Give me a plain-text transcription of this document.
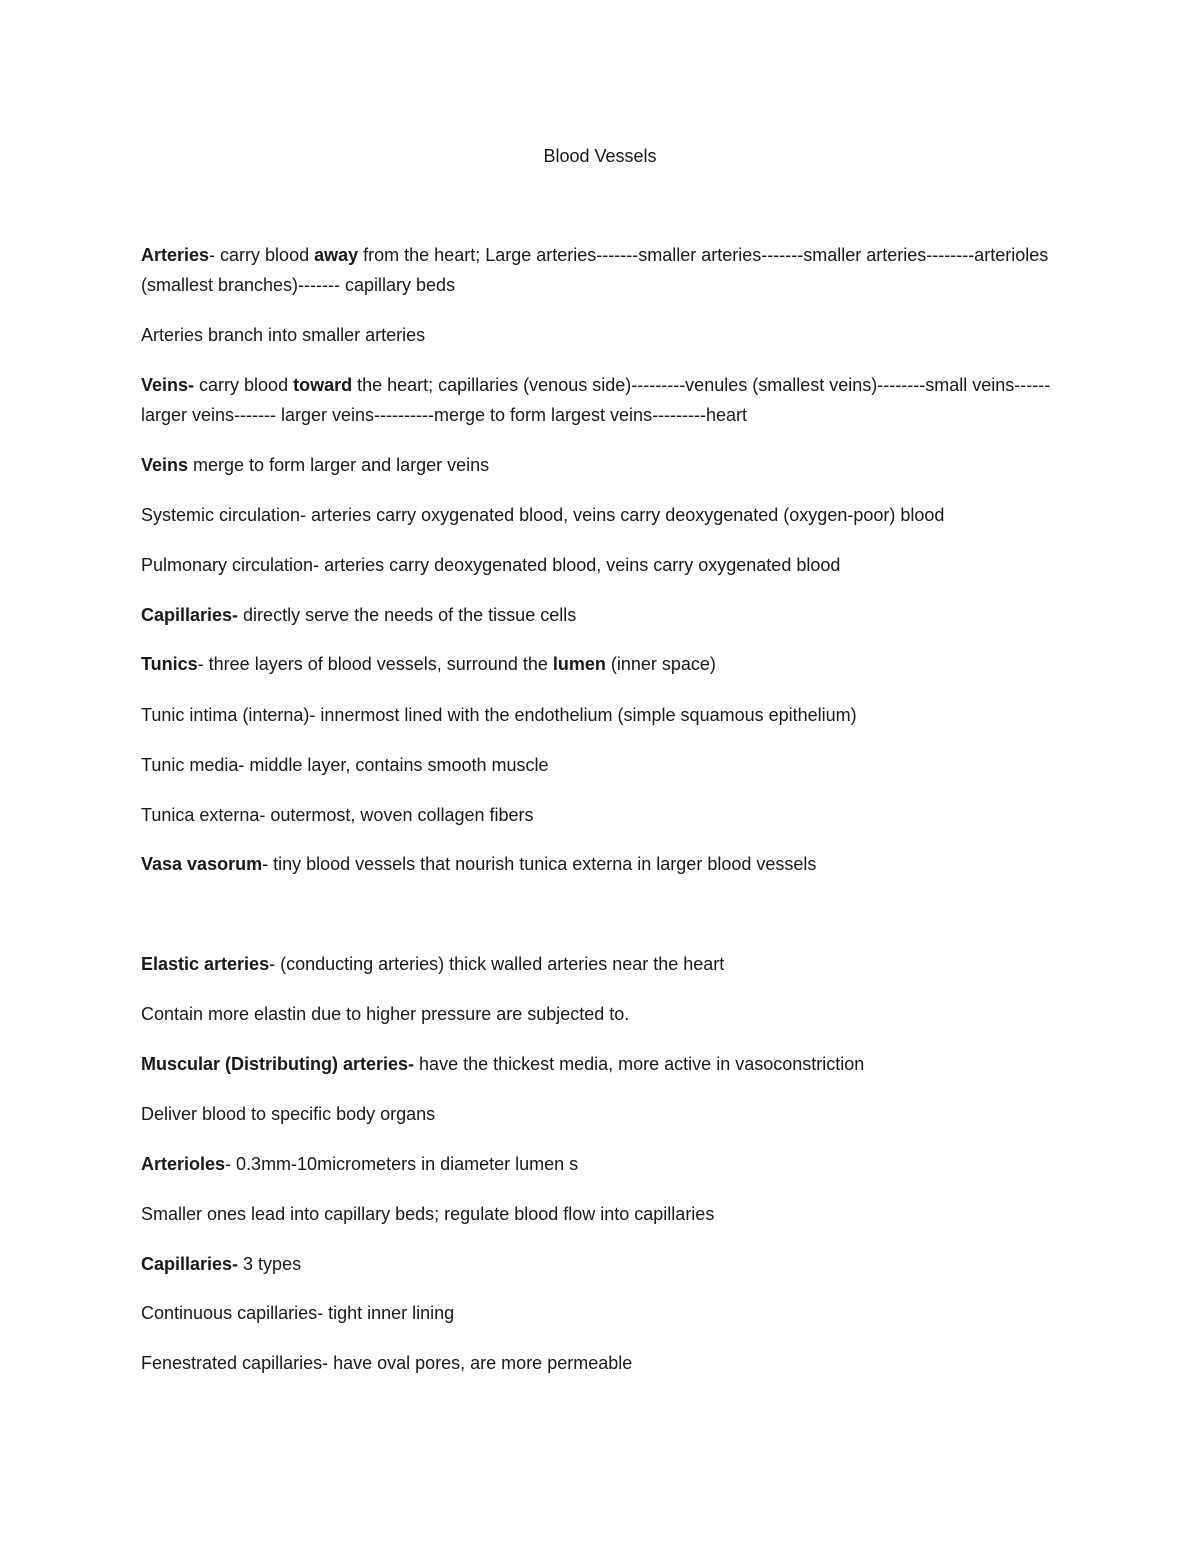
Blood Vessels
Arteries- carry blood away from the heart; Large arteries-------smaller arteries-------smaller arteries--------arterioles (smallest branches)------- capillary beds
Arteries branch into smaller arteries
Veins- carry blood toward the heart; capillaries (venous side)---------venules (smallest veins)--------small veins------ larger veins------- larger veins----------merge to form largest veins---------heart
Veins merge to form larger and larger veins
Systemic circulation- arteries carry oxygenated blood, veins carry deoxygenated (oxygen-poor) blood
Pulmonary circulation- arteries carry deoxygenated blood, veins carry oxygenated blood
Capillaries- directly serve the needs of the tissue cells
Tunics- three layers of blood vessels, surround the lumen (inner space)
Tunic intima (interna)- innermost lined with the endothelium (simple squamous epithelium)
Tunic media- middle layer, contains smooth muscle
Tunica externa- outermost, woven collagen fibers
Vasa vasorum- tiny blood vessels that nourish tunica externa in larger blood vessels
Elastic arteries- (conducting arteries) thick walled arteries near the heart
Contain more elastin due to higher pressure are subjected to.
Muscular (Distributing) arteries- have the thickest media, more active in vasoconstriction
Deliver blood to specific body organs
Arterioles- 0.3mm-10micrometers in diameter lumen s
Smaller ones lead into capillary beds; regulate blood flow into capillaries
Capillaries- 3 types
Continuous capillaries- tight inner lining
Fenestrated capillaries- have oval pores, are more permeable
